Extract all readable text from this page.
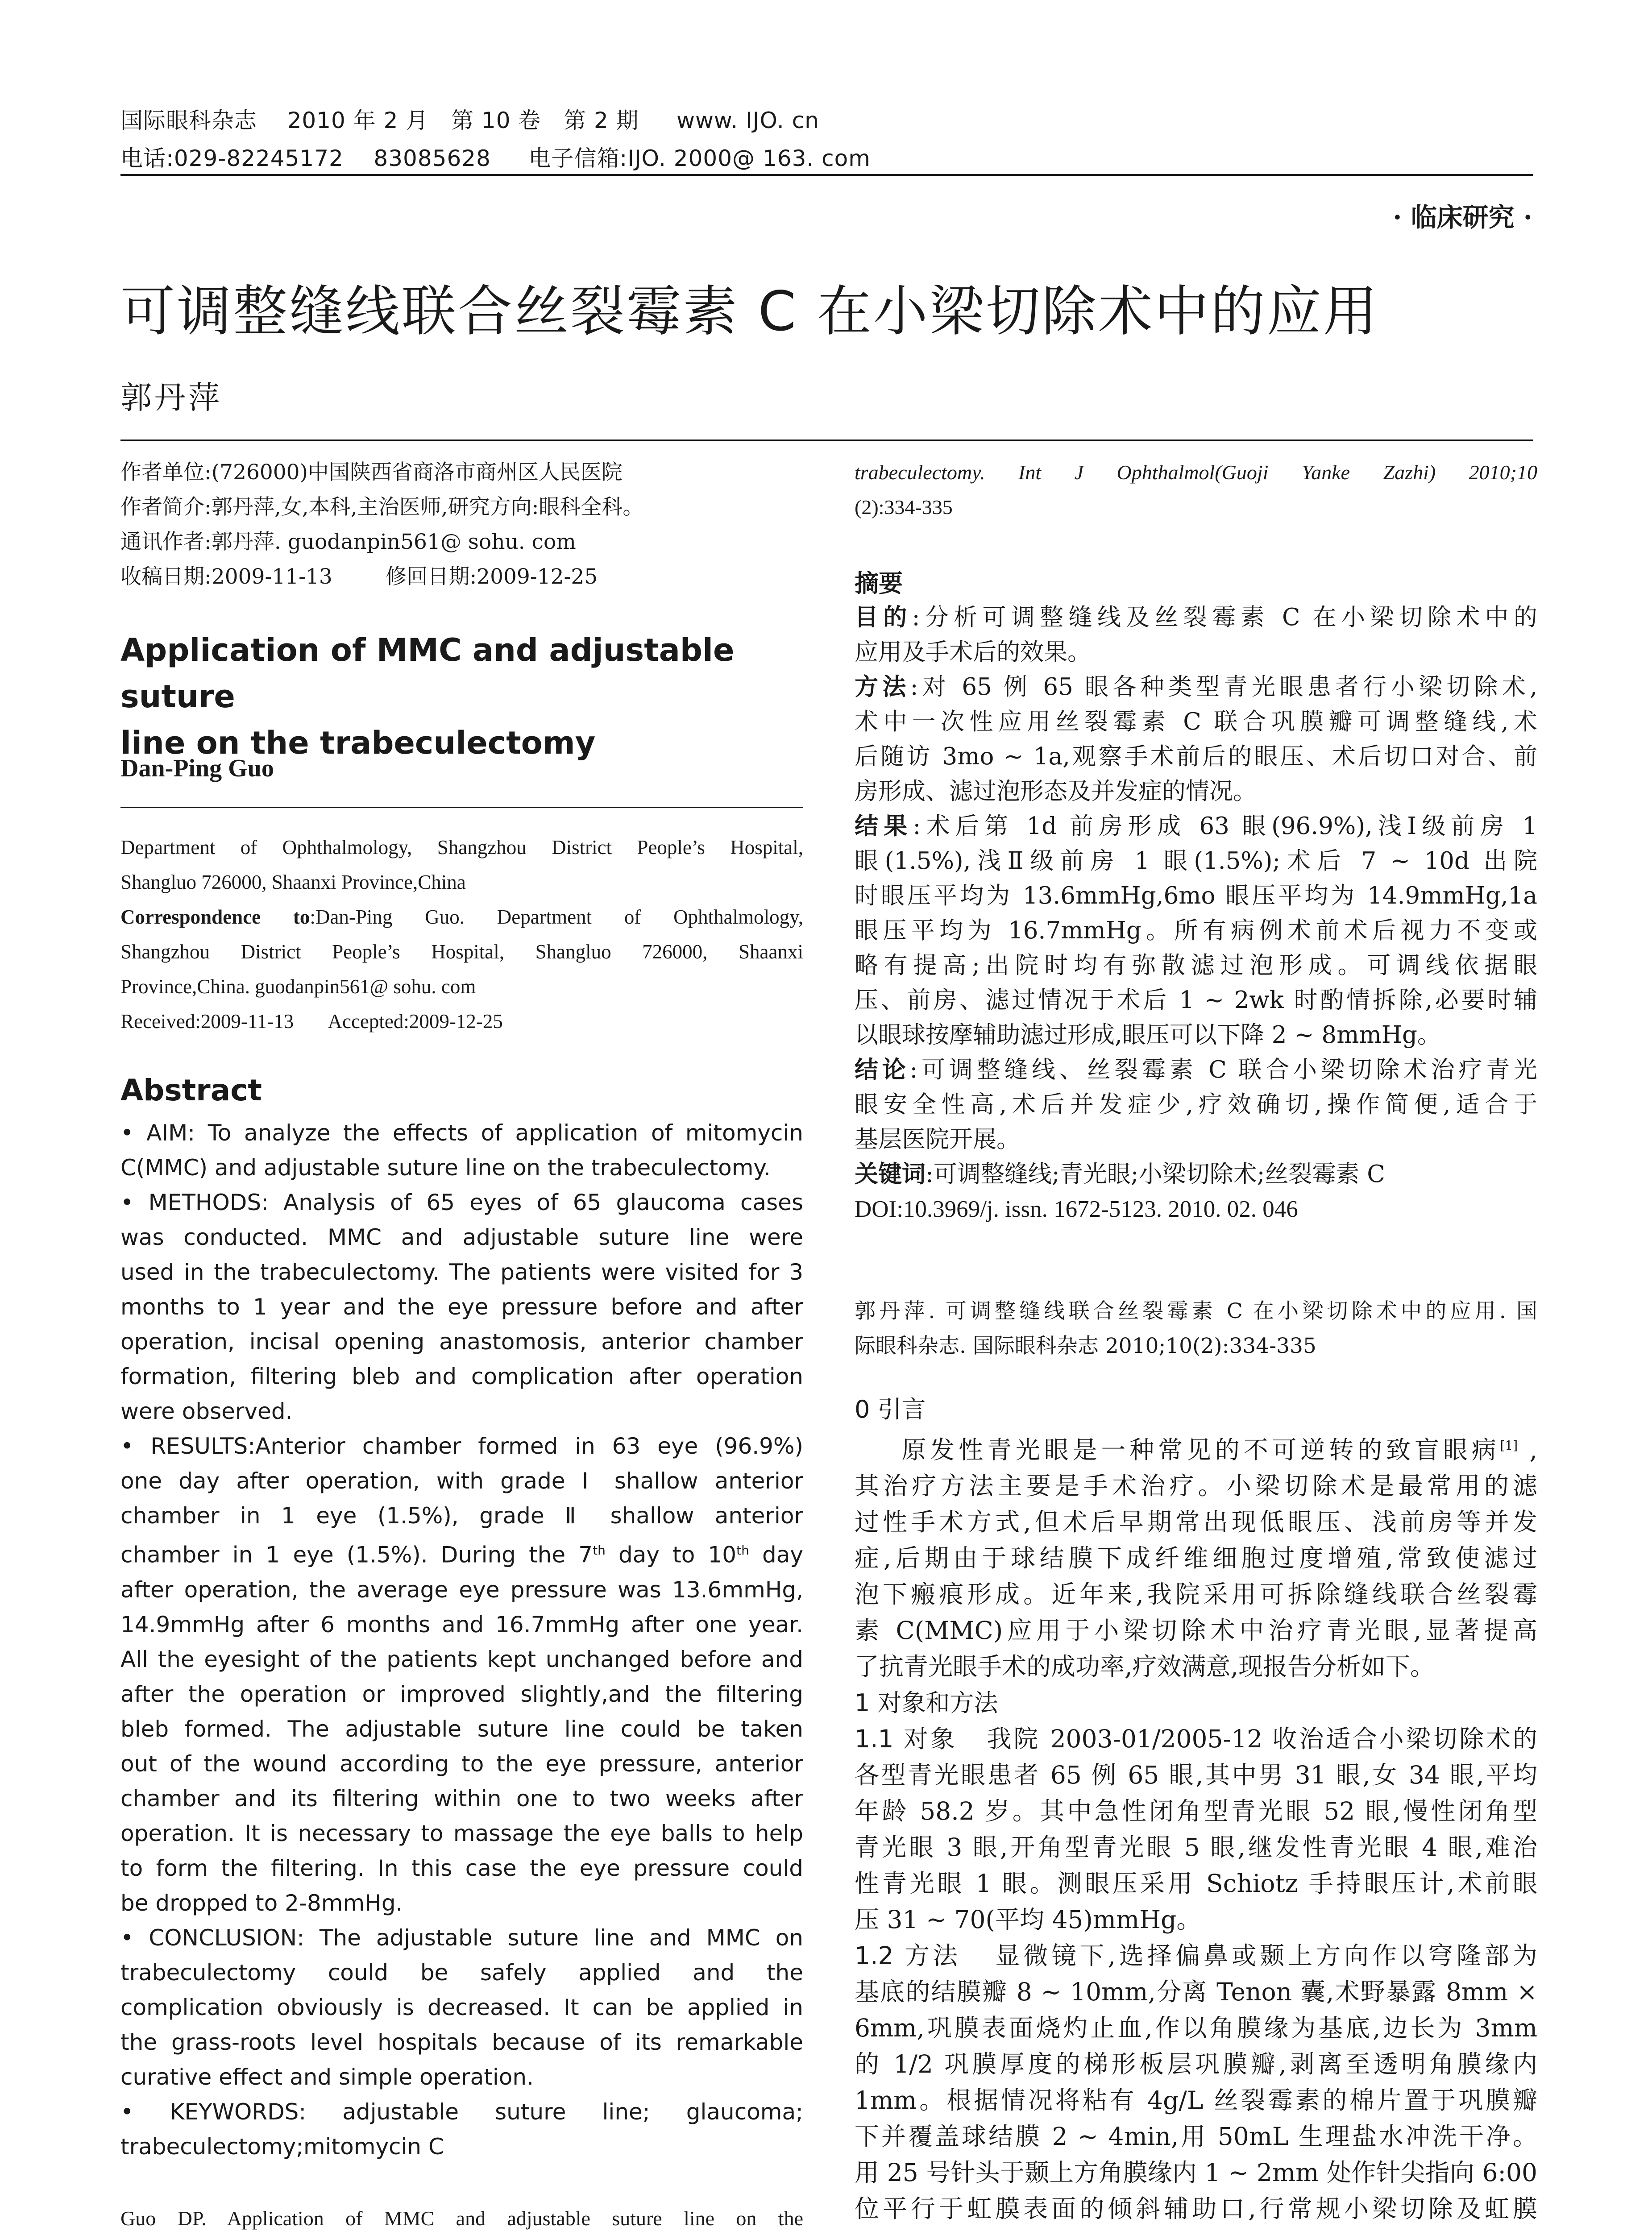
国际眼科杂志    2010 年 2 月   第 10 卷   第 2 期     www. IJO. cn
电话:029-82245172    83085628     电子信箱:IJO. 2000@ 163. com
· 临床研究 ·
可调整缝线联合丝裂霉素 C 在小梁切除术中的应用
郭丹萍
作者单位:(726000)中国陕西省商洛市商州区人民医院
作者简介:郭丹萍,女,本科,主治医师,研究方向:眼科全科。
通讯作者:郭丹萍. guodanpin561@ sohu. com
收稿日期:2009-11-13        修回日期:2009-12-25
Application of MMC and adjustable suture
line on the trabeculectomy
Dan-Ping Guo
Department of Ophthalmology, Shangzhou District People’s Hospital,
Shangluo 726000, Shaanxi Province,China
Correspondence to:Dan-Ping Guo. Department of Ophthalmology,
Shangzhou District People’s Hospital, Shangluo 726000, Shaanxi
Province,China. guodanpin561@ sohu. com
Received:2009-11-13       Accepted:2009-12-25
Abstract
• AIM: To analyze the effects of application of mitomycin
C(MMC) and adjustable suture line on the trabeculectomy.
• METHODS: Analysis of 65 eyes of 65 glaucoma cases
was conducted. MMC and adjustable suture line were
used in the trabeculectomy. The patients were visited for 3
months to 1 year and the eye pressure before and after
operation, incisal opening anastomosis, anterior chamber
formation, filtering bleb and complication after operation
were observed.
• RESULTS:Anterior chamber formed in 63 eye (96.9%)
one day after operation, with grade Ⅰ shallow anterior
chamber in 1 eye (1.5%), grade Ⅱ shallow anterior
chamber in 1 eye (1.5%). During the 7th day to 10th day
after operation, the average eye pressure was 13.6mmHg,
14.9mmHg after 6 months and 16.7mmHg after one year.
All the eyesight of the patients kept unchanged before and
after the operation or improved slightly,and the filtering
bleb formed. The adjustable suture line could be taken
out of the wound according to the eye pressure, anterior
chamber and its filtering within one to two weeks after
operation. It is necessary to massage the eye balls to help
to form the filtering. In this case the eye pressure could
be dropped to 2-8mmHg.
• CONCLUSION: The adjustable suture line and MMC on
trabeculectomy could be safely applied and the
complication obviously is decreased. It can be applied in
the grass-roots level hospitals because of its remarkable
curative effect and simple operation.
• KEYWORDS: adjustable suture line; glaucoma;
trabeculectomy;mitomycin C
Guo DP. Application of MMC and adjustable suture line on the
trabeculectomy. Int J Ophthalmol(Guoji Yanke Zazhi) 2010;10
(2):334-335
摘要
目的:分析可调整缝线及丝裂霉素 C 在小梁切除术中的
应用及手术后的效果。
方法:对 65 例 65 眼各种类型青光眼患者行小梁切除术,
术中一次性应用丝裂霉素 C 联合巩膜瓣可调整缝线,术
后随访 3mo ~ 1a,观察手术前后的眼压、术后切口对合、前
房形成、滤过泡形态及并发症的情况。
结果:术后第 1d 前房形成 63 眼(96.9%),浅Ⅰ级前房 1
眼(1.5%),浅Ⅱ级前房 1 眼(1.5%);术后 7 ~ 10d 出院
时眼压平均为 13.6mmHg,6mo 眼压平均为 14.9mmHg,1a
眼压平均为 16.7mmHg。所有病例术前术后视力不变或
略有提高;出院时均有弥散滤过泡形成。可调线依据眼
压、前房、滤过情况于术后 1 ~ 2wk 时酌情拆除,必要时辅
以眼球按摩辅助滤过形成,眼压可以下降 2 ~ 8mmHg。
结论:可调整缝线、丝裂霉素 C 联合小梁切除术治疗青光
眼安全性高,术后并发症少,疗效确切,操作简便,适合于
基层医院开展。
关键词:可调整缝线;青光眼;小梁切除术;丝裂霉素 C
DOI:10.3969/j. issn. 1672-5123. 2010. 02. 046
郭丹萍. 可调整缝线联合丝裂霉素 C 在小梁切除术中的应用. 国
际眼科杂志. 国际眼科杂志 2010;10(2):334-335
0 引言
原发性青光眼是一种常见的不可逆转的致盲眼病[1] ,
其治疗方法主要是手术治疗。小梁切除术是最常用的滤
过性手术方式,但术后早期常出现低眼压、浅前房等并发
症,后期由于球结膜下成纤维细胞过度增殖,常致使滤过
泡下瘢痕形成。近年来,我院采用可拆除缝线联合丝裂霉
素 C(MMC)应用于小梁切除术中治疗青光眼,显著提高
了抗青光眼手术的成功率,疗效满意,现报告分析如下。
1 对象和方法
1.1 对象   我院 2003-01/2005-12 收治适合小梁切除术的
各型青光眼患者 65 例 65 眼,其中男 31 眼,女 34 眼,平均
年龄 58.2 岁。其中急性闭角型青光眼 52 眼,慢性闭角型
青光眼 3 眼,开角型青光眼 5 眼,继发性青光眼 4 眼,难治
性青光眼 1 眼。测眼压采用 Schiotz 手持眼压计,术前眼
压 31 ~ 70(平均 45)mmHg。
1.2 方法   显微镜下,选择偏鼻或颞上方向作以穹隆部为
基底的结膜瓣 8 ~ 10mm,分离 Tenon 囊,术野暴露 8mm ×
6mm,巩膜表面烧灼止血,作以角膜缘为基底,边长为 3mm
的 1/2 巩膜厚度的梯形板层巩膜瓣,剥离至透明角膜缘内
1mm。根据情况将粘有 4g/L 丝裂霉素的棉片置于巩膜瓣
下并覆盖球结膜 2 ~ 4min,用 50mL 生理盐水冲洗干净。
用 25 号针头于颞上方角膜缘内 1 ~ 2mm 处作针尖指向 6:00
位平行于虹膜表面的倾斜辅助口,行常规小梁切除及虹膜
